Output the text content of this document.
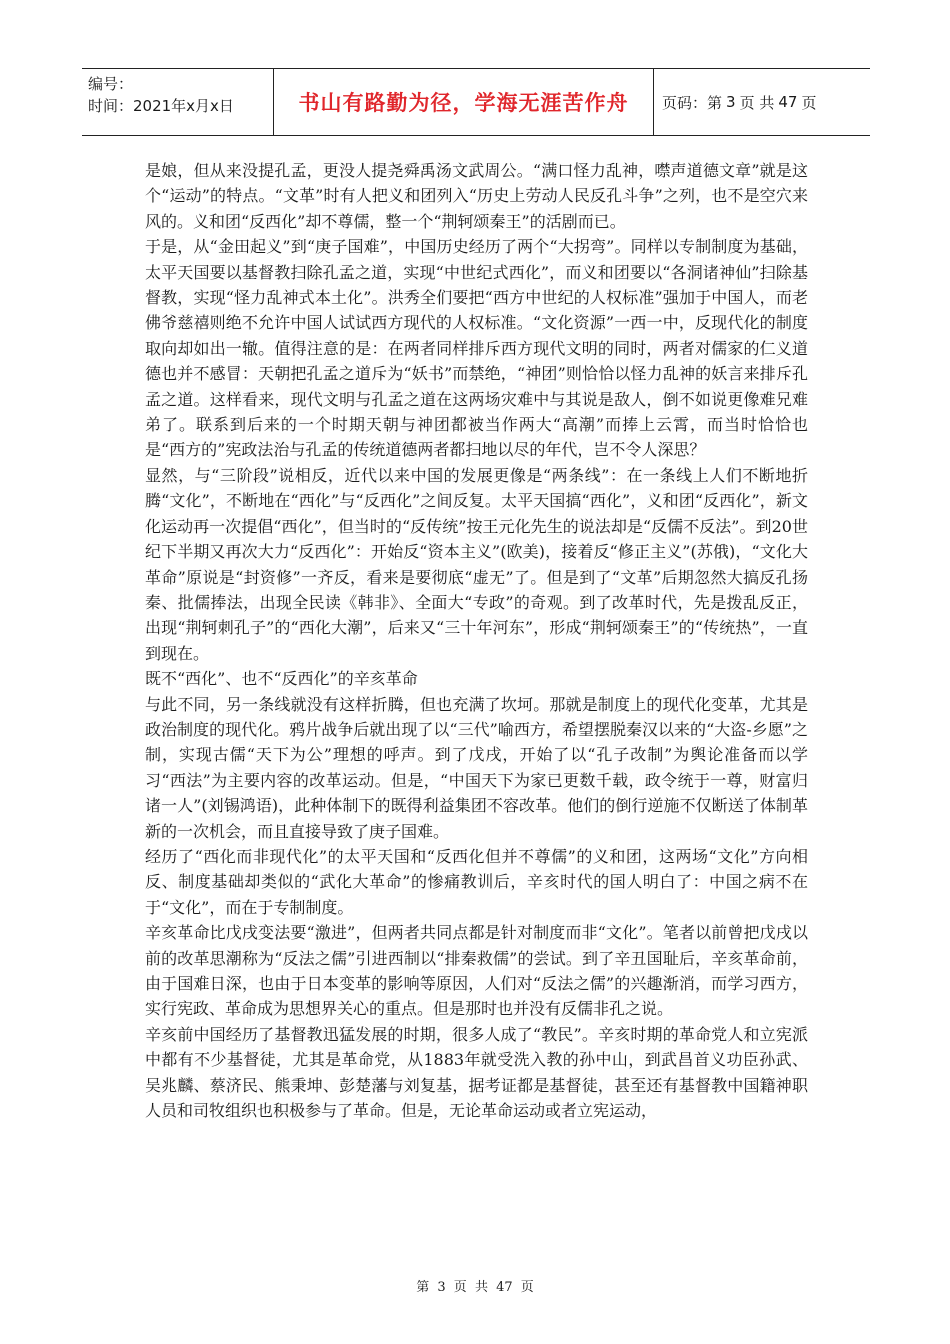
编号：
时间：2021年x月x日	书山有路勤为径，学海无涯苦作舟	页码：第 3 页 共 47 页

是娘，但从来没提孔孟，更没人提尧舜禹汤文武周公。“满口怪力乱神，噤声道德文章”就是这个“运动”的特点。“文革”时有人把义和团列入“历史上劳动人民反孔斗争”之列，也不是空穴来风的。义和团“反西化”却不尊儒，整一个“荆轲颂秦王”的活剧而已。

于是，从“金田起义”到“庚子国难”，中国历史经历了两个“大拐弯”。同样以专制制度为基础，太平天国要以基督教扫除孔孟之道，实现“中世纪式西化”，而义和团要以“各洞诸神仙”扫除基督教，实现“怪力乱神式本土化”。洪秀全们要把“西方中世纪的人权标准”强加于中国人，而老佛爷慈禧则绝不允许中国人试试西方现代的人权标准。“文化资源”一西一中，反现代化的制度取向却如出一辙。值得注意的是：在两者同样排斥西方现代文明的同时，两者对儒家的仁义道德也并不感冒：天朝把孔孟之道斥为“妖书”而禁绝，“神团”则恰恰以怪力乱神的妖言来排斥孔孟之道。这样看来，现代文明与孔孟之道在这两场灾难中与其说是敌人，倒不如说更像难兄难弟了。联系到后来的一个时期天朝与神团都被当作两大“高潮”而捧上云霄，而当时恰恰也是“西方的”宪政法治与孔孟的传统道德两者都扫地以尽的年代，岂不令人深思？

显然，与“三阶段”说相反，近代以来中国的发展更像是“两条线”：在一条线上人们不断地折腾“文化”，不断地在“西化”与“反西化”之间反复。太平天国搞“西化”，义和团“反西化”，新文化运动再一次提倡“西化”，但当时的“反传统”按王元化先生的说法却是“反儒不反法”。到20世纪下半期又再次大力“反西化”：开始反“资本主义”(欧美)，接着反“修正主义”(苏俄)，“文化大革命”原说是“封资修”一齐反，看来是要彻底“虚无”了。但是到了“文革”后期忽然大搞反孔扬秦、批儒捧法，出现全民读《韩非》、全面大“专政”的奇观。到了改革时代，先是拨乱反正，出现“荆轲刺孔子”的“西化大潮”，后来又“三十年河东”，形成“荆轲颂秦王”的“传统热”，一直到现在。

既不“西化”、也不“反西化”的辛亥革命

与此不同，另一条线就没有这样折腾，但也充满了坎坷。那就是制度上的现代化变革，尤其是政治制度的现代化。鸦片战争后就出现了以“三代”喻西方，希望摆脱秦汉以来的“大盗-乡愿”之制，实现古儒“天下为公”理想的呼声。到了戊戌，开始了以“孔子改制”为舆论准备而以学习“西法”为主要内容的改革运动。但是，“中国天下为家已更数千载，政令统于一尊，财富归诸一人”(刘锡鸿语)，此种体制下的既得利益集团不容改革。他们的倒行逆施不仅断送了体制革新的一次机会，而且直接导致了庚子国难。

经历了“西化而非现代化”的太平天国和“反西化但并不尊儒”的义和团，这两场“文化”方向相反、制度基础却类似的“武化大革命”的惨痛教训后，辛亥时代的国人明白了：中国之病不在于“文化”，而在于专制制度。

辛亥革命比戊戌变法要“激进”，但两者共同点都是针对制度而非“文化”。笔者以前曾把戊戌以前的改革思潮称为“反法之儒”引进西制以“排秦救儒”的尝试。到了辛丑国耻后，辛亥革命前，由于国难日深，也由于日本变革的影响等原因，人们对“反法之儒”的兴趣渐消，而学习西方，实行宪政、革命成为思想界关心的重点。但是那时也并没有反儒非孔之说。

辛亥前中国经历了基督教迅猛发展的时期，很多人成了“教民”。辛亥时期的革命党人和立宪派中都有不少基督徒，尤其是革命党，从1883年就受洗入教的孙中山，到武昌首义功臣孙武、吴兆麟、蔡济民、熊秉坤、彭楚藩与刘复基，据考证都是基督徒，甚至还有基督教中国籍神职人员和司牧组织也积极参与了革命。但是，无论革命运动或者立宪运动，

第 3 页 共 47 页
